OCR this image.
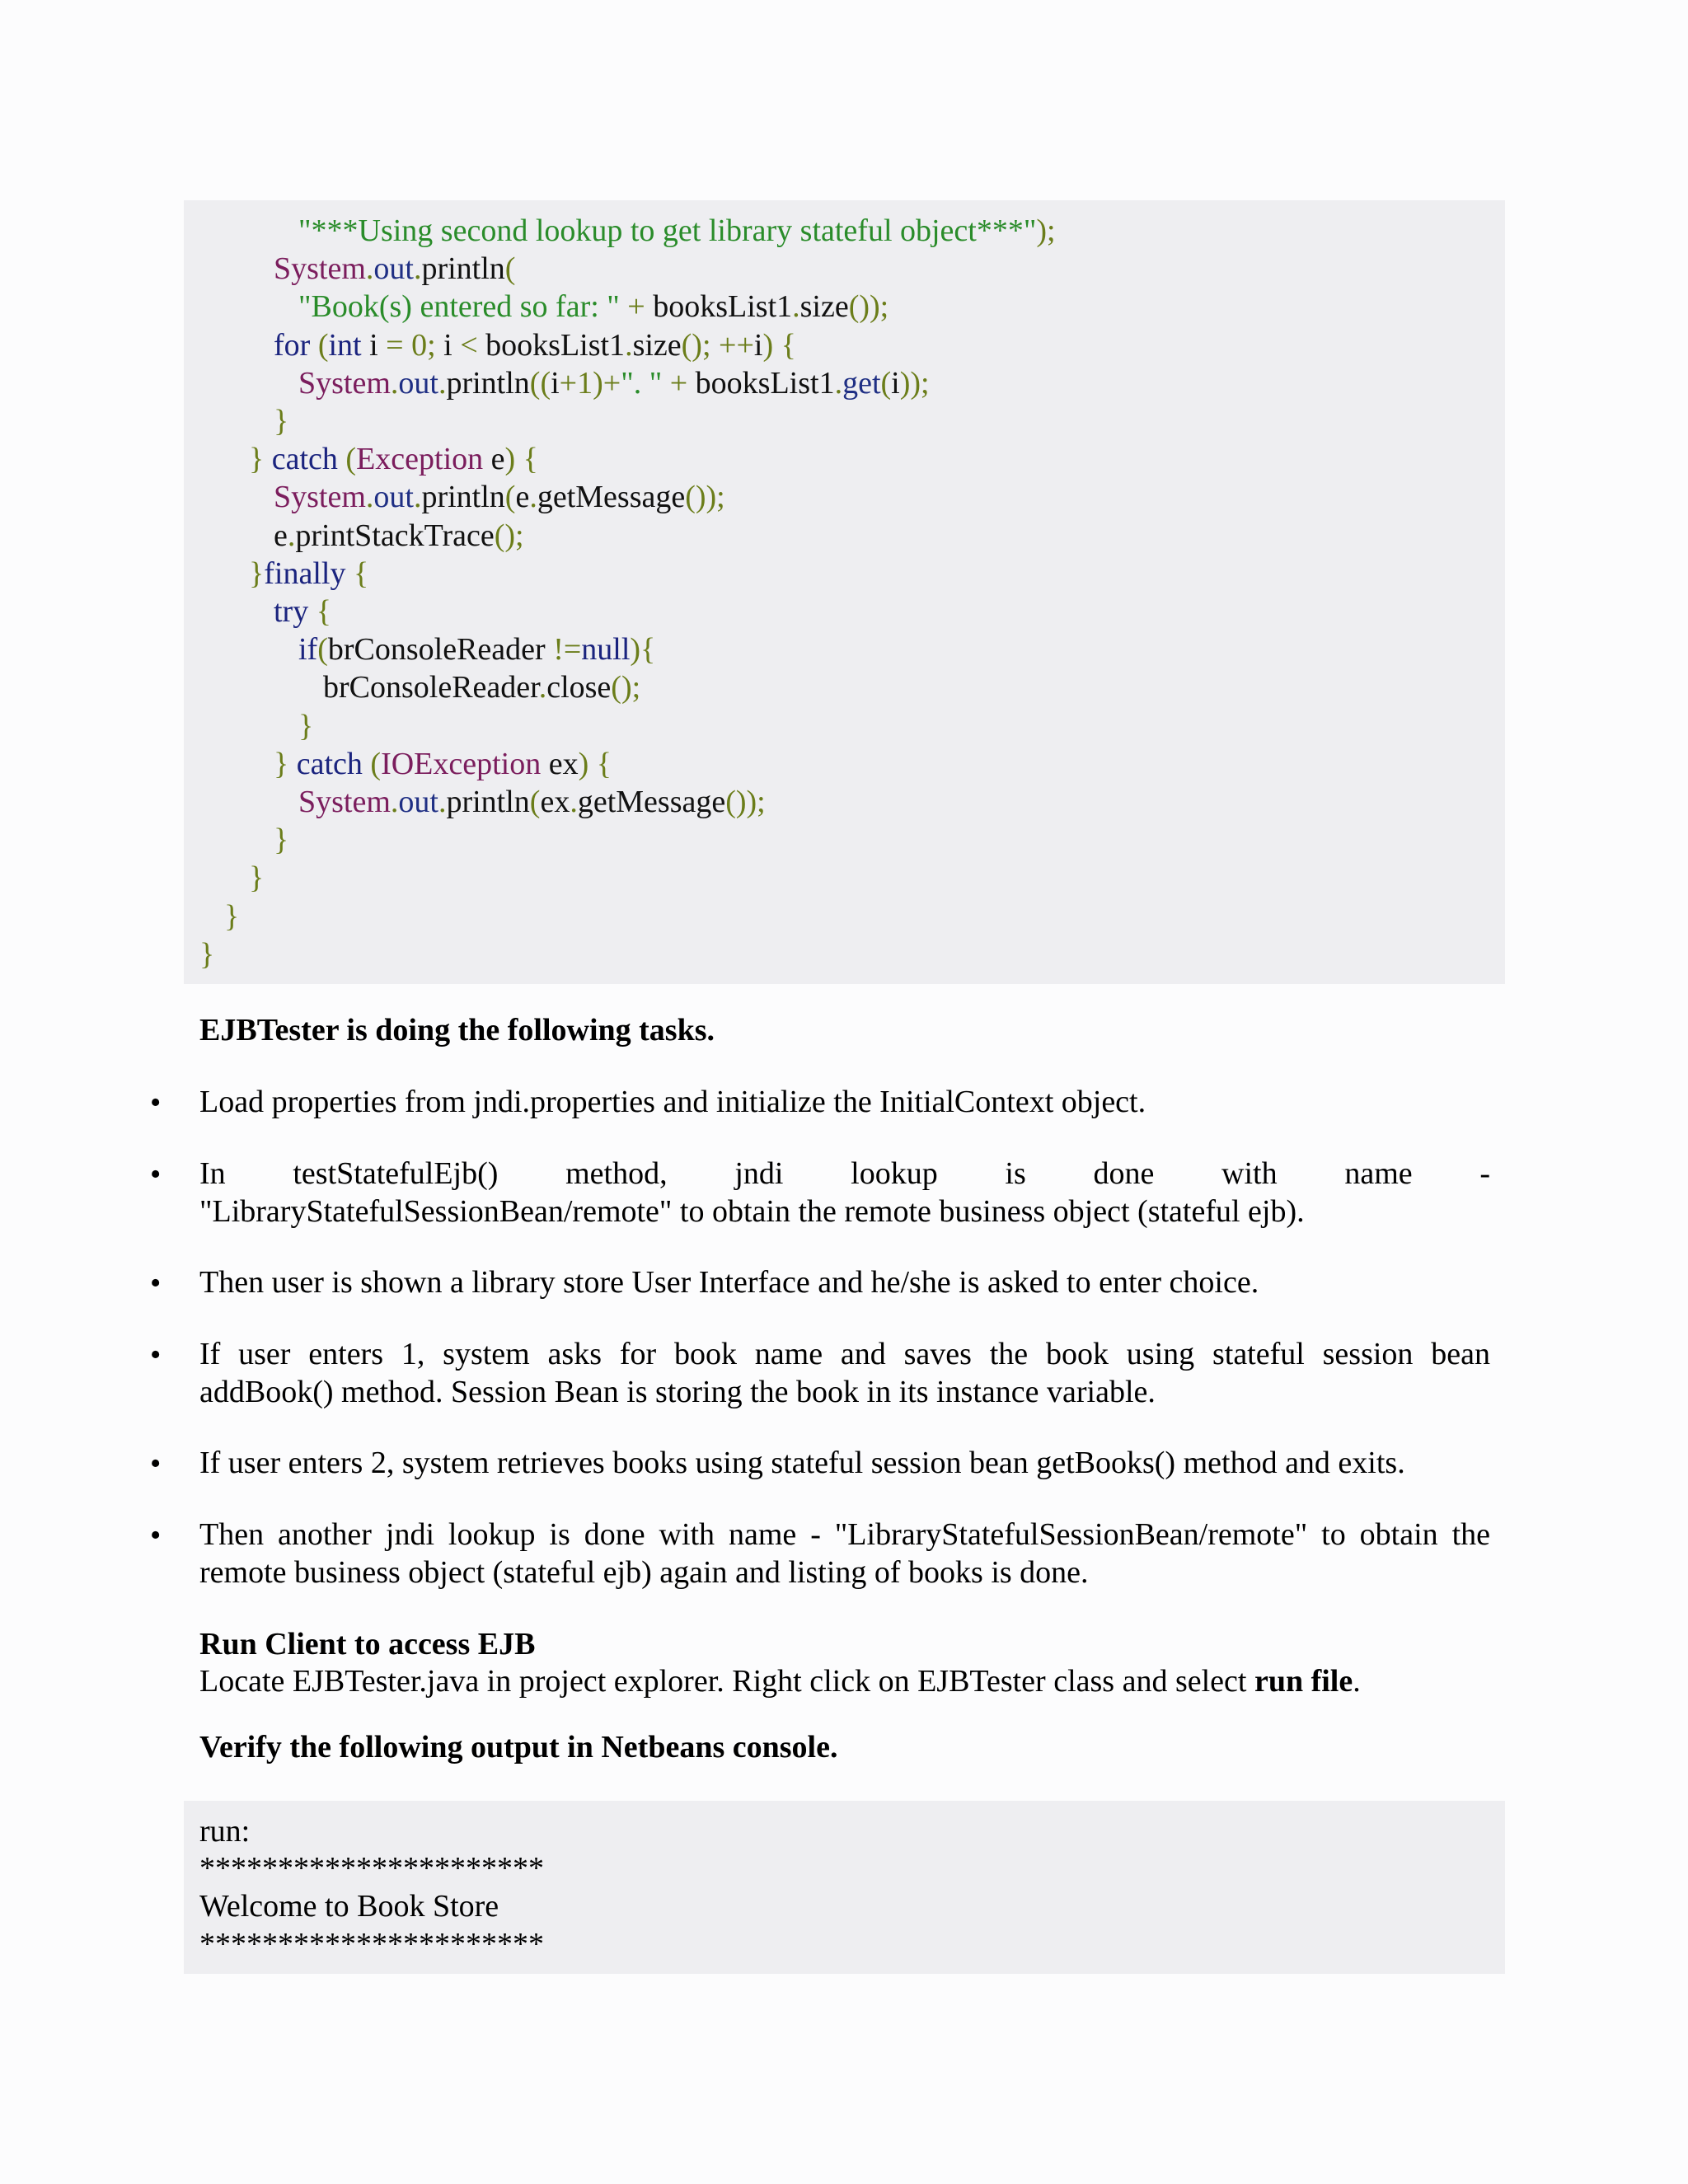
"***Using second lookup to get library stateful object***");
System.out.println(
"Book(s) entered so far: " + booksList1.size());
for (int i = 0; i < booksList1.size(); ++i) {
System.out.println((i+1)+". " + booksList1.get(i));
}
} catch (Exception e) {
System.out.println(e.getMessage());
e.printStackTrace();
}finally {
try {
if(brConsoleReader !=null){
brConsoleReader.close();
}
} catch (IOException ex) {
System.out.println(ex.getMessage());
}
}
}
}
EJBTester is doing the following tasks.
• Load properties from jndi.properties and initialize the InitialContext object.
• In testStatefulEjb() method, jndi lookup is done with name -
"LibraryStatefulSessionBean/remote" to obtain the remote business object (stateful ejb).
• Then user is shown a library store User Interface and he/she is asked to enter choice.
• If user enters 1, system asks for book name and saves the book using stateful session bean
addBook() method. Session Bean is storing the book in its instance variable.
• If user enters 2, system retrieves books using stateful session bean getBooks() method and exits.
• Then another jndi lookup is done with name - "LibraryStatefulSessionBean/remote" to obtain the
remote business object (stateful ejb) again and listing of books is done.
Run Client to access EJB
Locate EJBTester.java in project explorer. Right click on EJBTester class and select run file.
Verify the following output in Netbeans console.
run:
**********************
Welcome to Book Store
**********************
